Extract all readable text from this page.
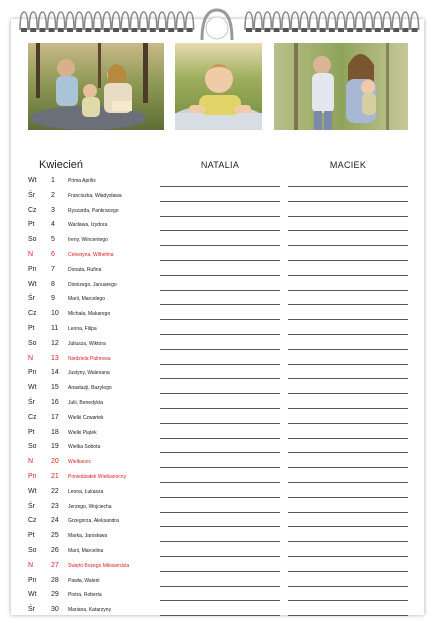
Kwiecień	NATALIA	MACIEK
Wt 1	Prima Aprilis
Śr 2	Franciszka, Władysława
Cz 3	Ryszarda, Pankracego
Pt 4	Wacława, Izydora
So 5	Ireny, Wincentego
N	6	Celestyna, Wilhelma
Pn 7	Donata, Rufina
Wt 8	Dionizego, Januarego
Śr 9	Marii, Marcelego
Cz 10 Michała, Makarego
Pt 11 Leona, Filipa
So 12 Juliusza, Wiktora
N	13 Niedziela Palmowa
Pn 14 Justyny, Walenana
Wt 15 Anastazji, Bazylego
Śr 16 Julii, Benedykta
Cz 17 Wielki Czwartek
Pt 18 Wielki Piątek
So 19 Wielka Sobota
N	20 Wielkanoc
Pn 21 Poniedziałek Wielkanocny
Wt 22 Leona, Łukasza
Śr 23 Jerzego, Wojciecha
Cz 24 Grzegorza, Aleksandra
Pt 25 Marka, Jarosława
So 26 Marii, Marcelina
N	27 Święto Bożego Miłosierdzia
Pn 28 Pawła, Walerii
Wt 29 Piotra, Roberta
Śr 30 Mariana, Katarzyny
